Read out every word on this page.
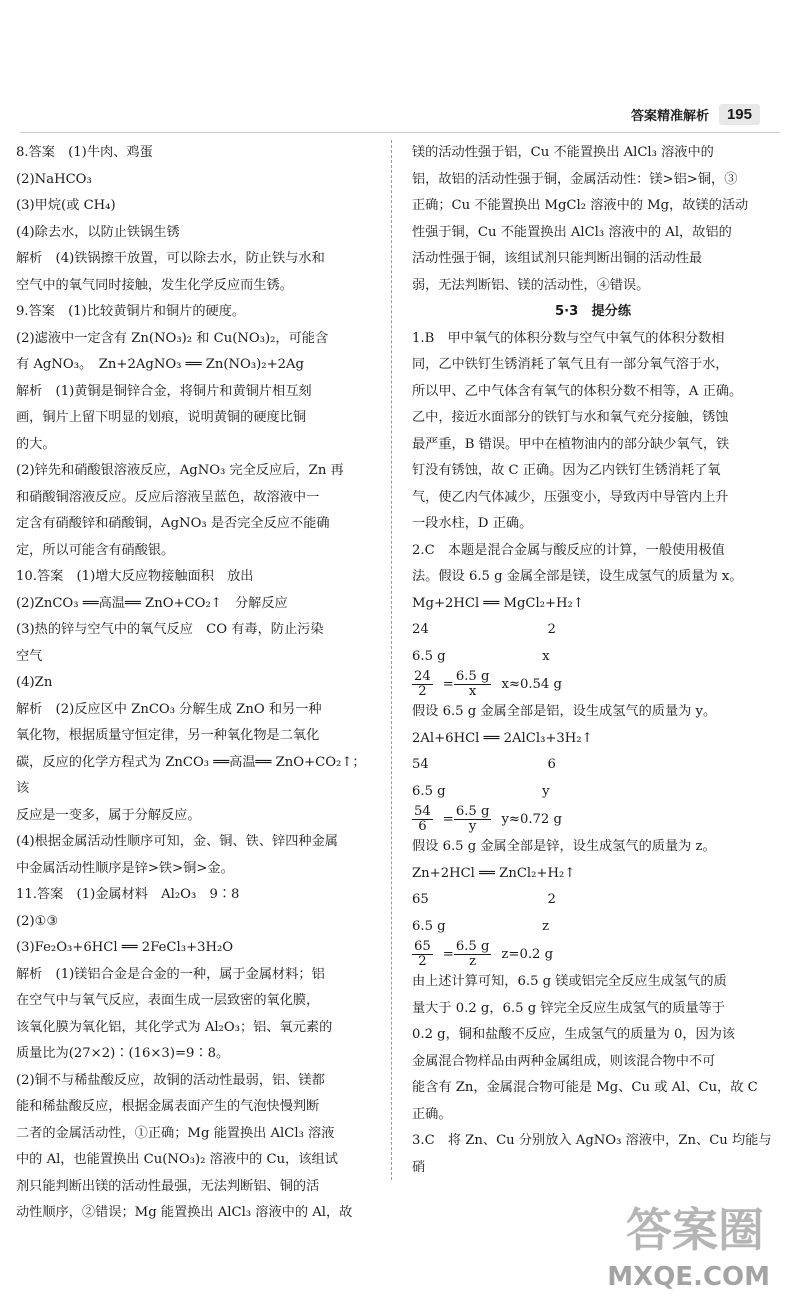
答案精准解析	195

8.答案　(1)牛肉、鸡蛋

(2)NaHCO₃

(3)甲烷(或 CH₄)

(4)除去水，以防止铁锅生锈

解析　(4)铁锅擦干放置，可以除去水，防止铁与水和

空气中的氧气同时接触，发生化学反应而生锈。

9.答案　(1)比较黄铜片和铜片的硬度。

(2)滤液中一定含有 Zn(NO₃)₂ 和 Cu(NO₃)₂，可能含

有 AgNO₃。　Zn+2AgNO₃ ══ Zn(NO₃)₂+2Ag

解析　(1)黄铜是铜锌合金，将铜片和黄铜片相互刻

画，铜片上留下明显的划痕，说明黄铜的硬度比铜

的大。

(2)锌先和硝酸银溶液反应，AgNO₃ 完全反应后，Zn 再

和硝酸铜溶液反应。反应后溶液呈蓝色，故溶液中一

定含有硝酸锌和硝酸铜，AgNO₃ 是否完全反应不能确

定，所以可能含有硝酸银。

10.答案　(1)增大反应物接触面积　放出

(2)ZnCO₃ ══高温══ ZnO+CO₂↑　分解反应

(3)热的锌与空气中的氧气反应　CO 有毒，防止污染

空气

(4)Zn

解析　(2)反应区中 ZnCO₃ 分解生成 ZnO 和另一种

氧化物，根据质量守恒定律，另一种氧化物是二氧化

碳，反应的化学方程式为 ZnCO₃ ══高温══ ZnO+CO₂↑；该

反应是一变多，属于分解反应。

(4)根据金属活动性顺序可知，金、铜、铁、锌四种金属

中金属活动性顺序是锌>铁>铜>金。

11.答案　(1)金属材料　Al₂O₃　9∶8

(2)①③

(3)Fe₂O₃+6HCl ══ 2FeCl₃+3H₂O

解析　(1)镁铝合金是合金的一种，属于金属材料；铝

在空气中与氧气反应，表面生成一层致密的氧化膜，

该氧化膜为氧化铝，其化学式为 Al₂O₃；铝、氧元素的

质量比为(27×2)∶(16×3)=9∶8。

(2)铜不与稀盐酸反应，故铜的活动性最弱，铝、镁都

能和稀盐酸反应，根据金属表面产生的气泡快慢判断

二者的金属活动性，①正确；Mg 能置换出 AlCl₃ 溶液

中的 Al，也能置换出 Cu(NO₃)₂ 溶液中的 Cu，该组试

剂只能判断出镁的活动性最强，无法判断铝、铜的活

动性顺序，②错误；Mg 能置换出 AlCl₃ 溶液中的 Al，故

镁的活动性强于铝，Cu 不能置换出 AlCl₃ 溶液中的

铝，故铝的活动性强于铜，金属活动性：镁>铝>铜，③

正确；Cu 不能置换出 MgCl₂ 溶液中的 Mg，故镁的活动

性强于铜，Cu 不能置换出 AlCl₃ 溶液中的 Al，故铝的

活动性强于铜，该组试剂只能判断出铜的活动性最

弱，无法判断铝、镁的活动性，④错误。

5·3　提分练

1.B　甲中氧气的体积分数与空气中氧气的体积分数相

同，乙中铁钉生锈消耗了氧气且有一部分氧气溶于水，

所以甲、乙中气体含有氧气的体积分数不相等，A 正确。

乙中，接近水面部分的铁钉与水和氧气充分接触，锈蚀

最严重，B 错误。甲中在植物油内的部分缺少氧气，铁

钉没有锈蚀，故 C 正确。因为乙内铁钉生锈消耗了氧

气，使乙内气体减少，压强变小，导致丙中导管内上升

一段水柱，D 正确。

2.C　本题是混合金属与酸反应的计算，一般使用极值

法。假设 6.5 g 金属全部是镁，设生成氢气的质量为 x。

Mg+2HCl ══ MgCl₂+H₂↑

24　　　　　　　　　2

6.5 g　　　　　　　 x

$\frac{24}{2} = \frac{6.5 g}{x} x\approx 0.54$ g

假设 6.5 g 金属全部是铝，设生成氢气的质量为 y。

2Al+6HCl ══ 2AlCl₃+3H₂↑

54　　　　　　　　　6

6.5 g　　　　　　　 y

$\frac{54}{6} = \frac{6.5 g}{y} y\approx 0.72$ g

假设 6.5 g 金属全部是锌，设生成氢气的质量为 z。

Zn+2HCl ══ ZnCl₂+H₂↑

65　　　　　　　　　2

6.5 g　　　　　　　 z

$\frac{65}{2} = \frac{6.5 g}{z} z=0.2$ g

由上述计算可知，6.5 g 镁或铝完全反应生成氢气的质

量大于 0.2 g，6.5 g 锌完全反应生成氢气的质量等于

0.2 g，铜和盐酸不反应，生成氢气的质量为 0，因为该

金属混合物样品由两种金属组成，则该混合物中不可

能含有 Zn，金属混合物可能是 Mg、Cu 或 Al、Cu，故 C

正确。

3.C　将 Zn、Cu 分别放入 AgNO₃ 溶液中，Zn、Cu 均能与硝

答案圈
MXQE.COM
